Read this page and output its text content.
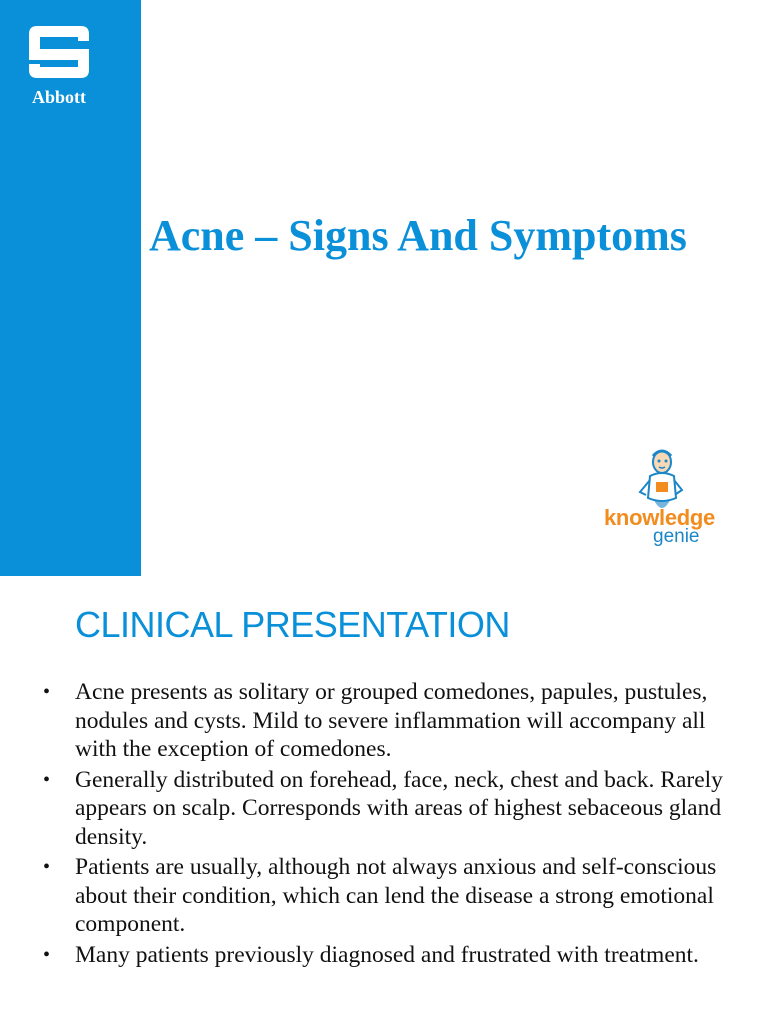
Abbott
Acne – Signs And Symptoms
knowledge
genie
CLINICAL PRESENTATION
• Acne presents as solitary or grouped comedones, papules, pustules, nodules and cysts. Mild to severe inflammation will accompany all with the exception of comedones.
• Generally distributed on forehead, face, neck, chest and back. Rarely appears on scalp. Corresponds with areas of highest sebaceous gland density.
• Patients are usually, although not always anxious and self-conscious about their condition, which can lend the disease a strong emotional component.
• Many patients previously diagnosed and frustrated with treatment.
